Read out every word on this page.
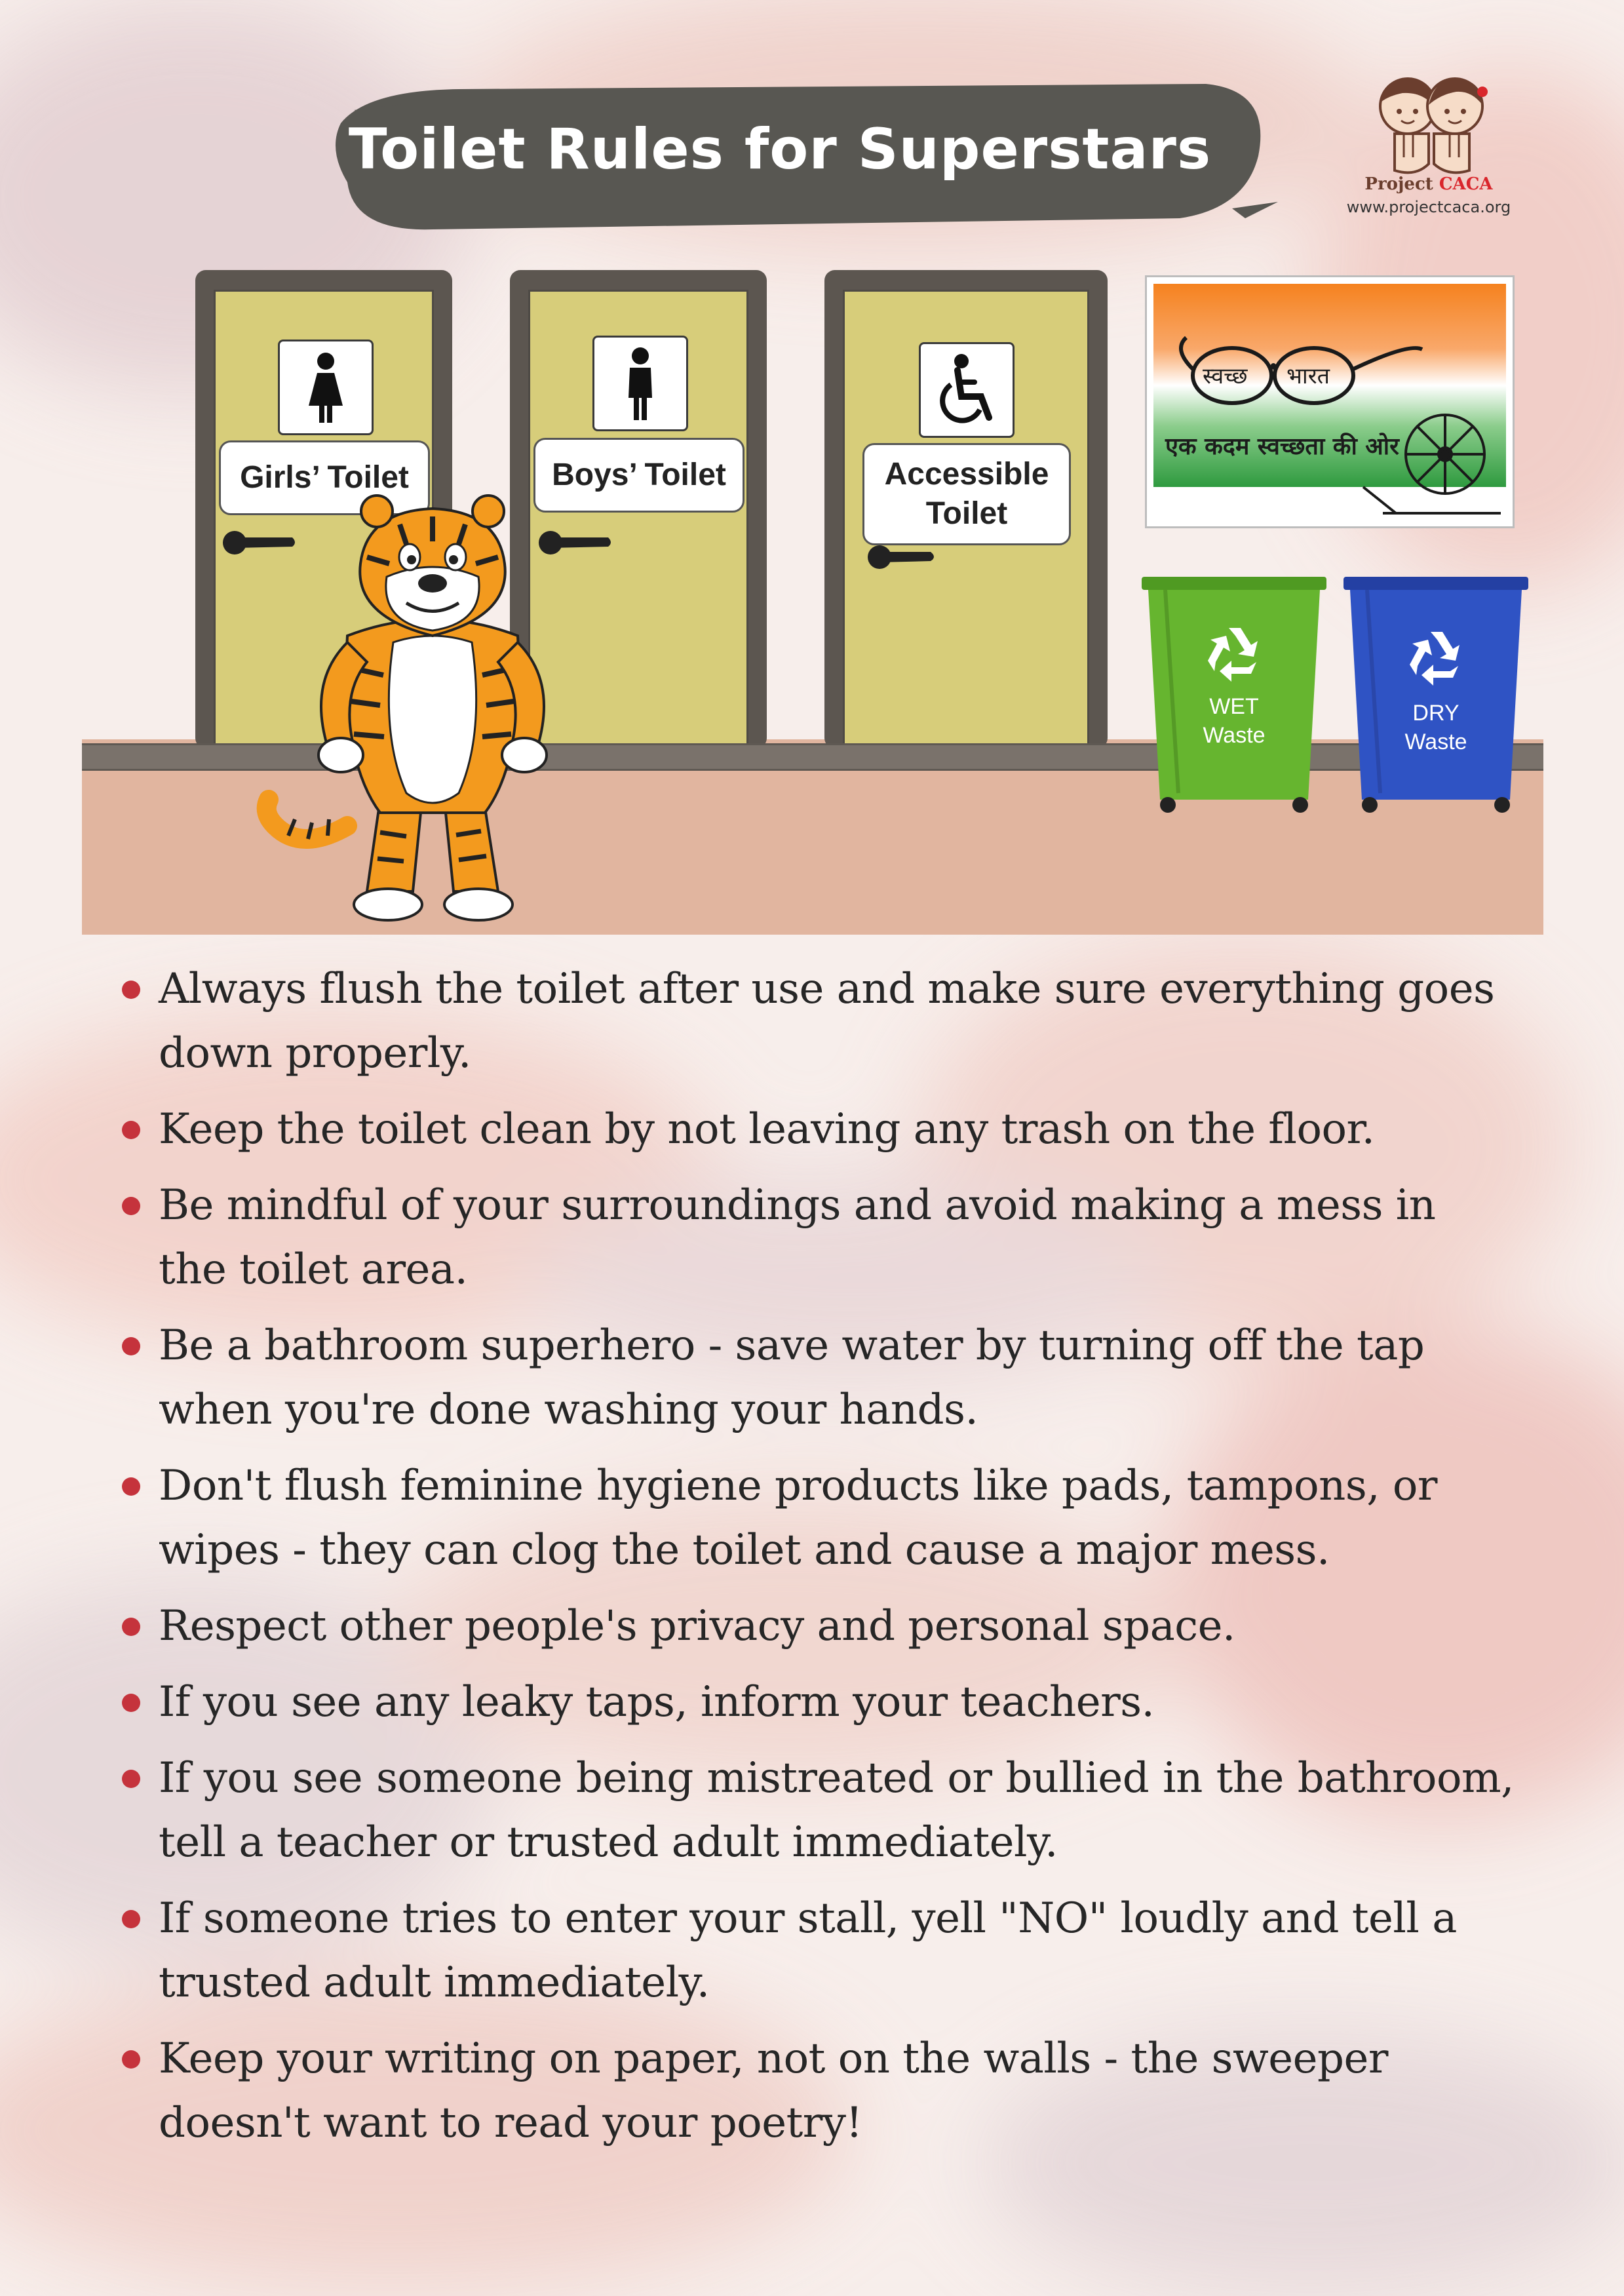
Toilet Rules for Superstars
Project CACA
www.projectcaca.org
Girls’ Toilet	Boys’ Toilet	Accessible Toilet
स्वच्छ भारत
एक कदम स्वच्छता की ओर
WET
Waste
DRY
Waste
Always flush the toilet after use and make sure everything goes down properly.
Keep the toilet clean by not leaving any trash on the floor.
Be mindful of your surroundings and avoid making a mess in the toilet area.
Be a bathroom superhero - save water by turning off the tap when you're done washing your hands.
Don't flush feminine hygiene products like pads, tampons, or wipes - they can clog the toilet and cause a major mess.
Respect other people's privacy and personal space.
If you see any leaky taps, inform your teachers.
If you see someone being mistreated or bullied in the bathroom, tell a teacher or trusted adult immediately.
If someone tries to enter your stall, yell "NO" loudly and tell a trusted adult immediately.
Keep your writing on paper, not on the walls - the sweeper doesn't want to read your poetry!
